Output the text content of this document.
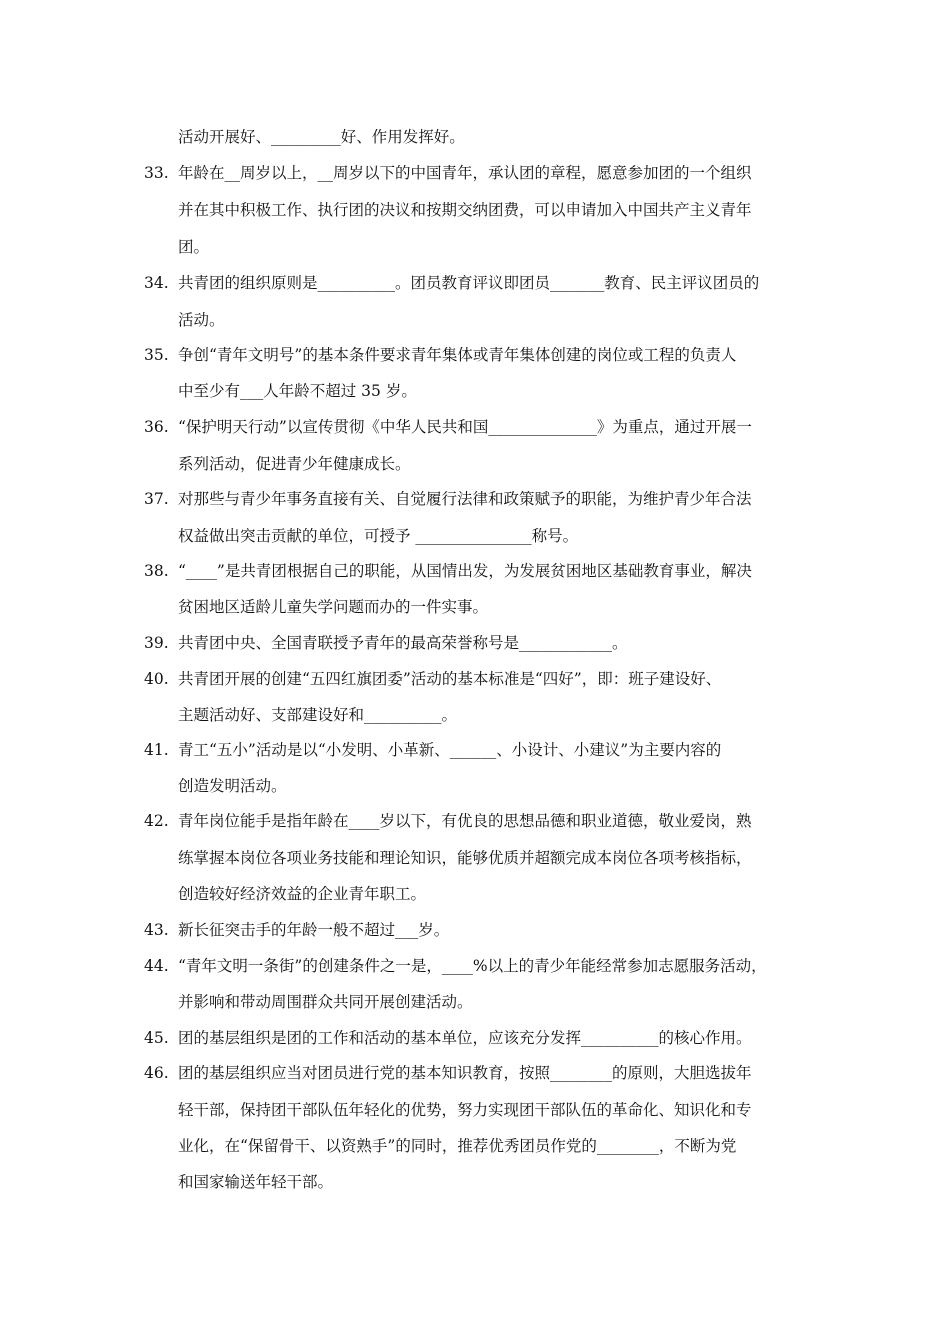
活动开展好、_________好、作用发挥好。
33. 年龄在__周岁以上，__周岁以下的中国青年，承认团的章程，愿意参加团的一个组织
并在其中积极工作、执行团的决议和按期交纳团费，可以申请加入中国共产主义青年
团。
34. 共青团的组织原则是__________。团员教育评议即团员_______教育、民主评议团员的
活动。
35. 争创“青年文明号”的基本条件要求青年集体或青年集体创建的岗位或工程的负责人
中至少有___人年龄不超过 35 岁。
36. “保护明天行动”以宣传贯彻《中华人民共和国______________》为重点，通过开展一
系列活动，促进青少年健康成长。
37. 对那些与青少年事务直接有关、自觉履行法律和政策赋予的职能，为维护青少年合法
权益做出突击贡献的单位，可授予 _______________称号。
38. “____”是共青团根据自己的职能，从国情出发，为发展贫困地区基础教育事业，解决
贫困地区适龄儿童失学问题而办的一件实事。
39. 共青团中央、全国青联授予青年的最高荣誉称号是____________。
40. 共青团开展的创建“五四红旗团委”活动的基本标准是“四好”，即：班子建设好、
主题活动好、支部建设好和__________。
41. 青工“五小”活动是以“小发明、小革新、______、小设计、小建议”为主要内容的
创造发明活动。
42. 青年岗位能手是指年龄在____岁以下，有优良的思想品德和职业道德，敬业爱岗，熟
练掌握本岗位各项业务技能和理论知识，能够优质并超额完成本岗位各项考核指标，
创造较好经济效益的企业青年职工。
43. 新长征突击手的年龄一般不超过___岁。
44. “青年文明一条街”的创建条件之一是，____%以上的青少年能经常参加志愿服务活动，
并影响和带动周围群众共同开展创建活动。
45. 团的基层组织是团的工作和活动的基本单位，应该充分发挥__________的核心作用。
46. 团的基层组织应当对团员进行党的基本知识教育，按照________的原则，大胆选拔年
轻干部，保持团干部队伍年轻化的优势，努力实现团干部队伍的革命化、知识化和专
业化，在“保留骨干、以资熟手”的同时，推荐优秀团员作党的________，不断为党
和国家输送年轻干部。
